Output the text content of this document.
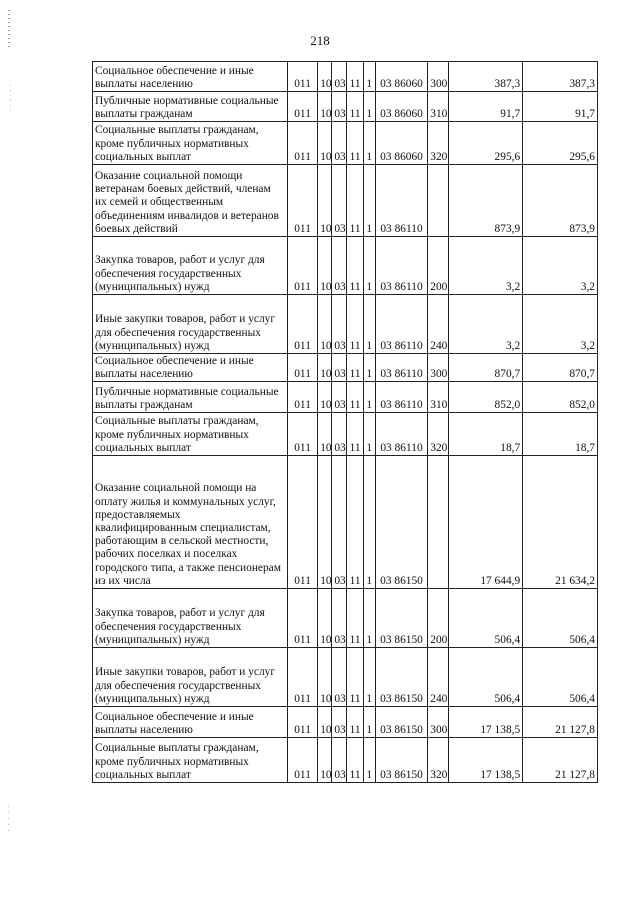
218
Социальное обеспечение и иные выплаты населению	011	10	03	11	1	03 86060	300	387,3	387,3
Публичные нормативные социальные выплаты гражданам	011	10	03	11	1	03 86060	310	91,7	91,7
Социальные выплаты гражданам, кроме публичных нормативных социальных выплат	011	10	03	11	1	03 86060	320	295,6	295,6
Оказание социальной помощи ветеранам боевых действий, членам их семей и общественным объединениям инвалидов и ветеранов боевых действий	011	10	03	11	1	03 86110		873,9	873,9
Закупка товаров, работ и услуг для обеспечения государственных (муниципальных) нужд	011	10	03	11	1	03 86110	200	3,2	3,2
Иные закупки товаров, работ и услуг для обеспечения государственных (муниципальных) нужд	011	10	03	11	1	03 86110	240	3,2	3,2
Социальное обеспечение и иные выплаты населению	011	10	03	11	1	03 86110	300	870,7	870,7
Публичные нормативные социальные выплаты гражданам	011	10	03	11	1	03 86110	310	852,0	852,0
Социальные выплаты гражданам, кроме публичных нормативных социальных выплат	011	10	03	11	1	03 86110	320	18,7	18,7
Оказание социальной помощи на оплату жилья и коммунальных услуг, предоставляемых квалифицированным специалистам, работающим в сельской местности, рабочих поселках и поселках городского типа, а также пенсионерам из их числа	011	10	03	11	1	03 86150		17 644,9	21 634,2
Закупка товаров, работ и услуг для обеспечения государственных (муниципальных) нужд	011	10	03	11	1	03 86150	200	506,4	506,4
Иные закупки товаров, работ и услуг для обеспечения государственных (муниципальных) нужд	011	10	03	11	1	03 86150	240	506,4	506,4
Социальное обеспечение и иные выплаты населению	011	10	03	11	1	03 86150	300	17 138,5	21 127,8
Социальные выплаты гражданам, кроме публичных нормативных социальных выплат	011	10	03	11	1	03 86150	320	17 138,5	21 127,8
